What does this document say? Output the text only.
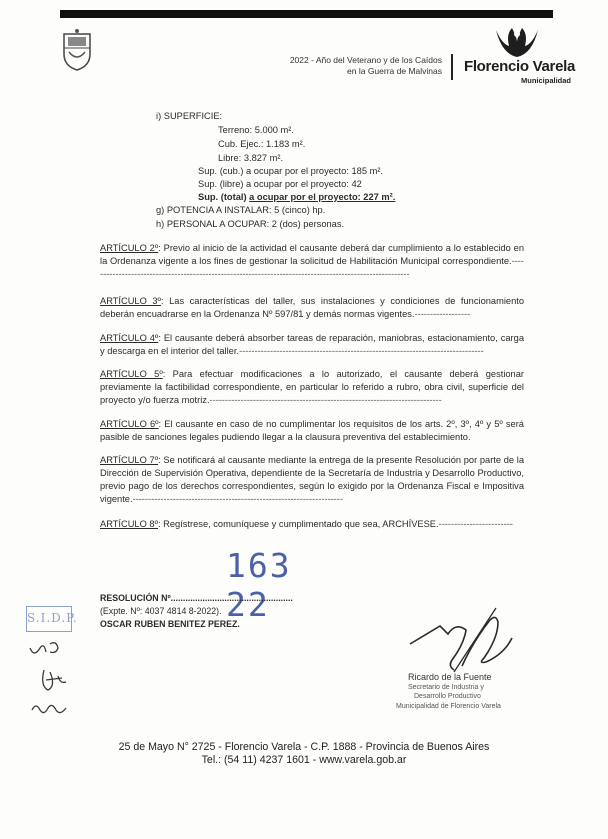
2022 - Año del Veterano y de los Caídos
en la Guerra de Malvinas Florencio Varela
Municipalidad
i) SUPERFICIE:
Terreno: 5.000 m².
Cub. Ejec.: 1.183 m².
Libre: 3.827 m².
Sup. (cub.) a ocupar por el proyecto: 185 m².
Sup. (libre) a ocupar por el proyecto: 42
Sup. (total) a ocupar por el proyecto: 227 m².
g) POTENCIA A INSTALAR: 5 (cinco) hp.
h) PERSONAL A OCUPAR: 2 (dos) personas.
ARTÍCULO 2º: Previo al inicio de la actividad el causante deberá dar cumplimiento a lo establecido en la Ordenanza vigente a los fines de gestionar la solicitud de Habilitación Municipal correspondiente.--------------------------------------------------------------------------------------------------------
ARTÍCULO 3º: Las características del taller, sus instalaciones y condiciones de funcionamiento deberán encuadrarse en la Ordenanza Nº 597/81 y demás normas vigentes.------------------
ARTÍCULO 4º: El causante deberá absorber tareas de reparación, maniobras, estacionamiento, carga y descarga en el interior del taller.-------------------------------------------------------------------------------
ARTÍCULO 5º: Para efectuar modificaciones a lo autorizado, el causante deberá gestionar previamente la factibilidad correspondiente, en particular lo referido a rubro, obra civil, superficie del proyecto y/o fuerza motriz.---------------------------------------------------------------------------
ARTÍCULO 6º: El causante en caso de no cumplimentar los requisitos de los arts. 2º, 3º, 4º y 5º será pasible de sanciones legales pudiendo llegar a la clausura preventiva del establecimiento.
ARTÍCULO 7º: Se notificará al causante mediante la entrega de la presente Resolución por parte de la Dirección de Supervisión Operativa, dependiente de la Secretaría de Industria y Desarrollo Productivo, previo pago de los derechos correspondientes, según lo exigido por la Ordenanza Fiscal e Impositiva vigente.--------------------------------------------------------------------
ARTÍCULO 8º: Regístrese, comuníquese y cumplimentado que sea, ARCHÍVESE.------------------------
163  22
RESOLUCIÓN Nº..................................................
(Expte. Nº: 4037 4814 8-2022).
OSCAR RUBEN BENITEZ PEREZ.
S.I.D.P.
Ricardo de la Fuente
Secretario de Industria y
Desarrollo Productivo
Municipalidad de Florencio Varela
25 de Mayo N° 2725 - Florencio Varela - C.P. 1888 - Provincia de Buenos Aires
Tel.: (54 11) 4237 1601 - www.varela.gob.ar
